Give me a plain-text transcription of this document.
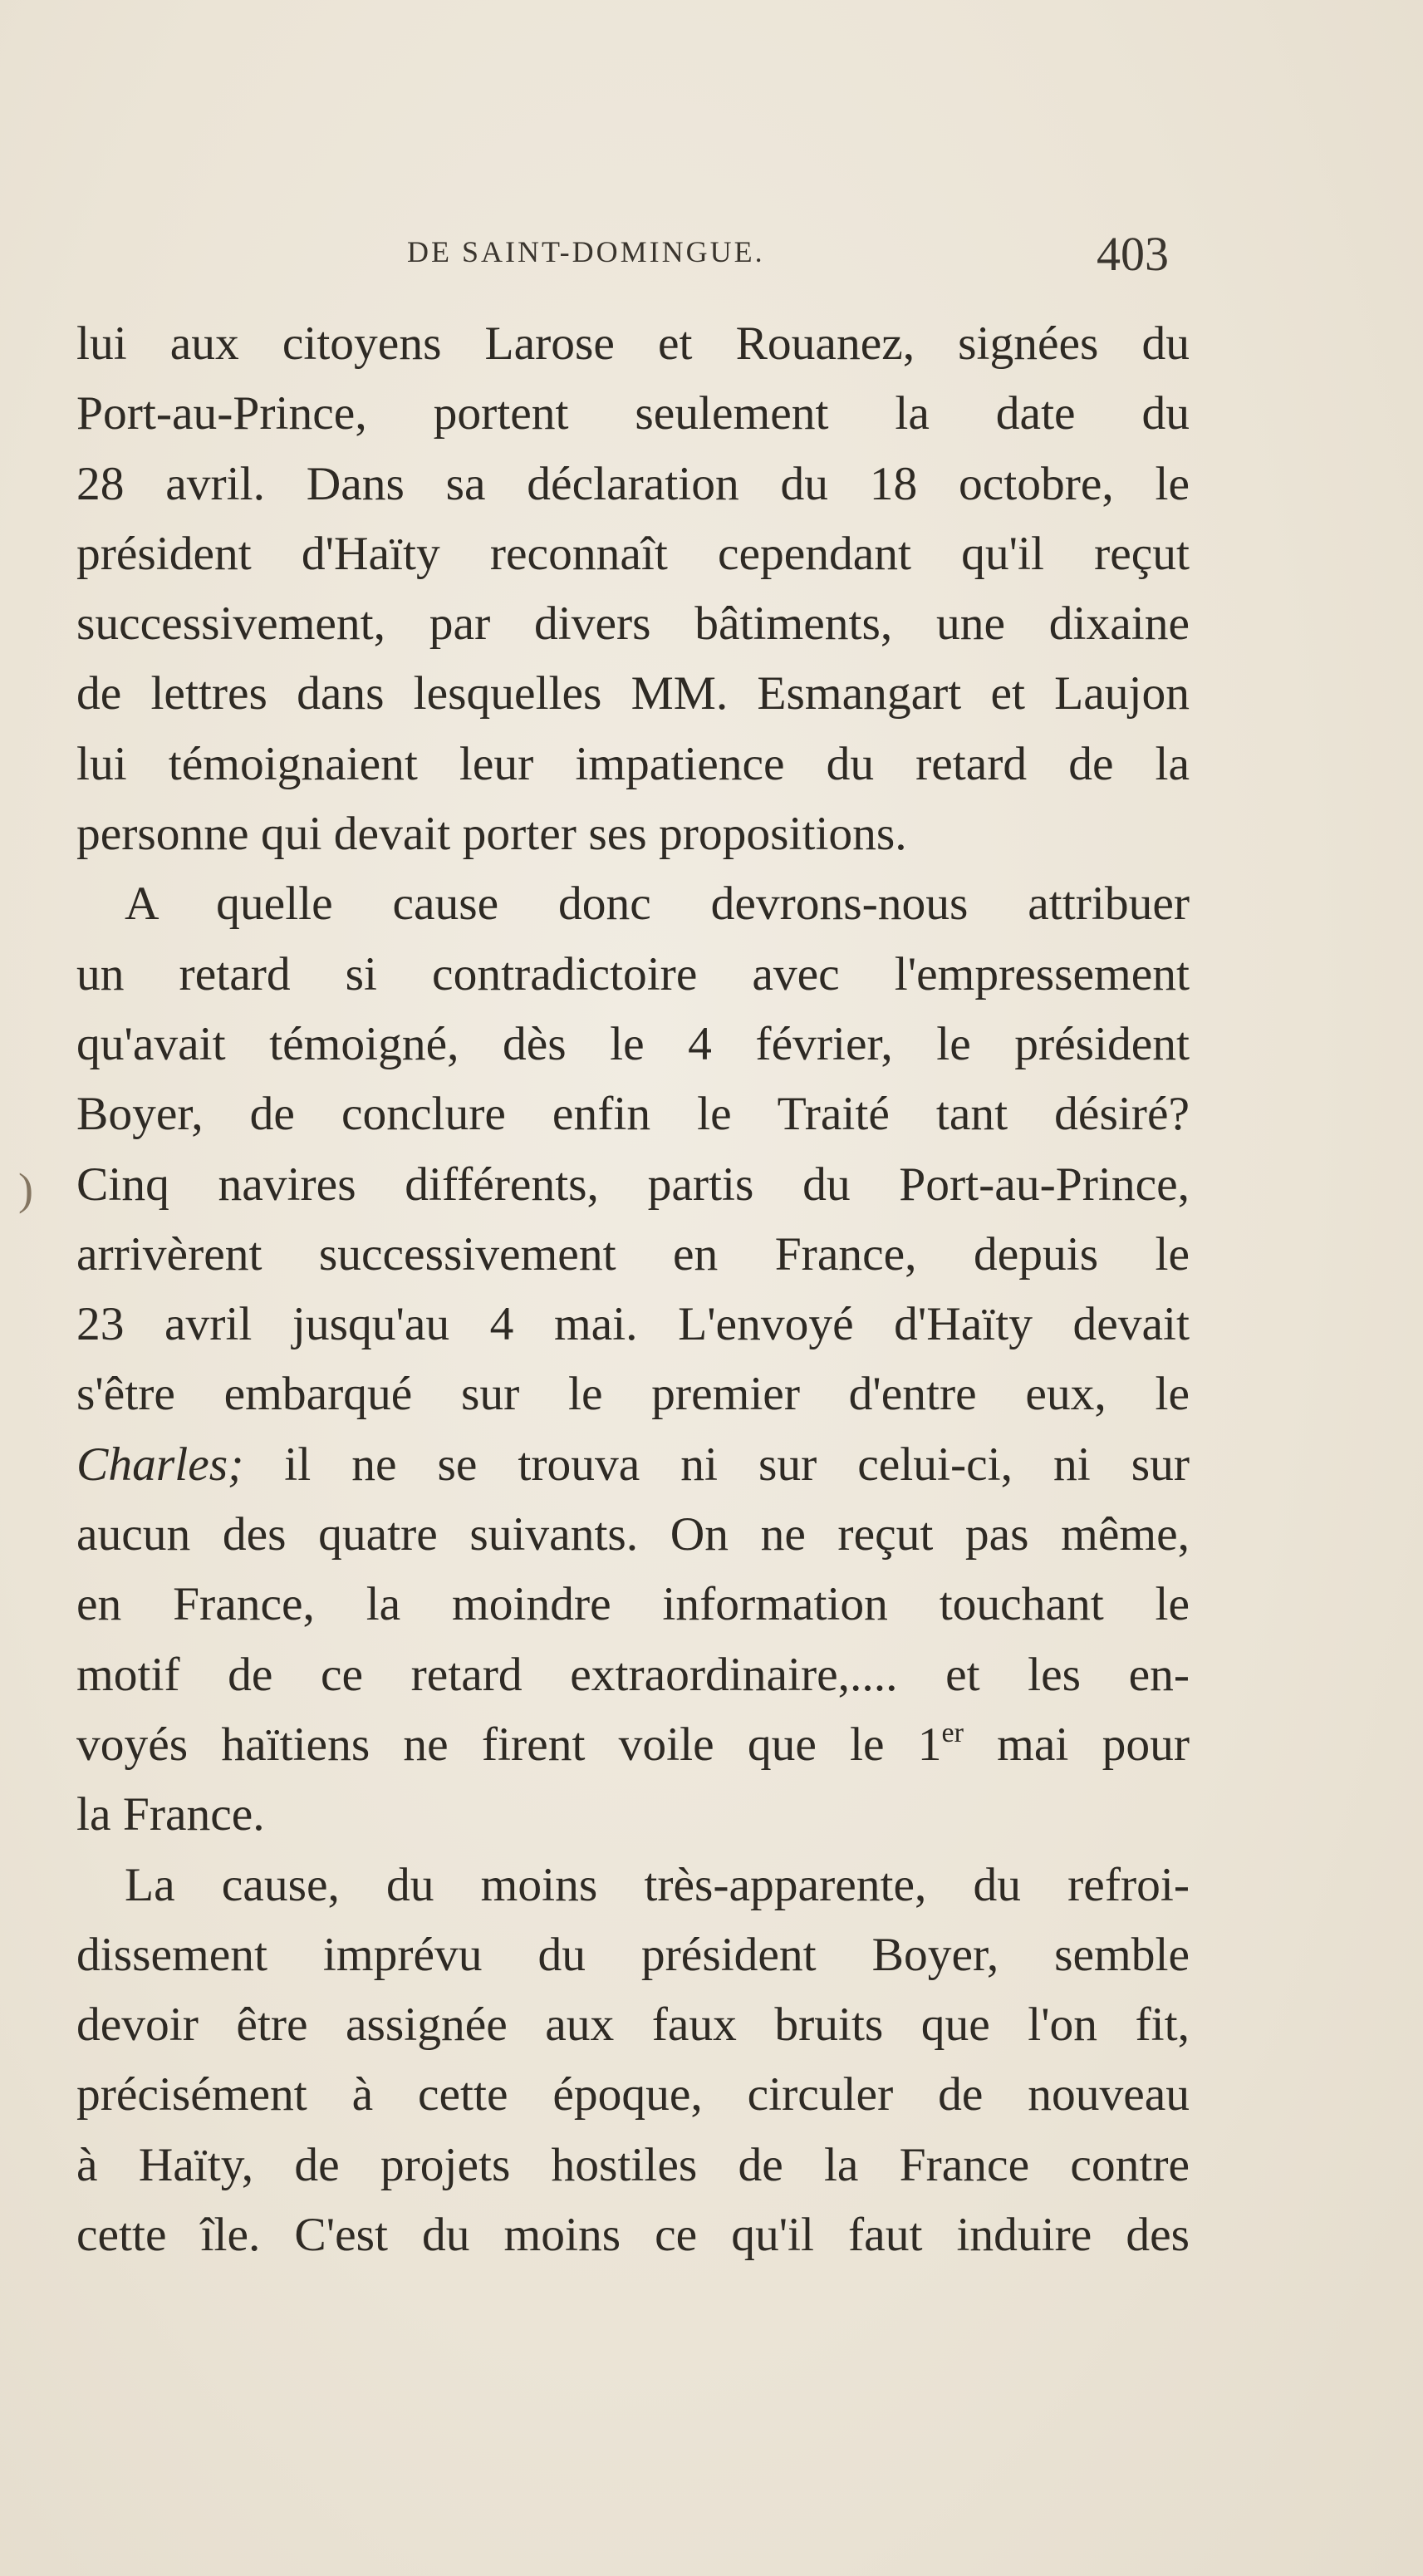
DE SAINT-DOMINGUE.	403
)
lui aux citoyens Larose et Rouanez, signées du
Port-au-Prince, portent seulement la date du
28 avril. Dans sa déclaration du 18 octobre, le
président d'Haïty reconnaît cependant qu'il reçut
successivement, par divers bâtiments, une dixaine
de lettres dans lesquelles MM. Esmangart et Laujon
lui témoignaient leur impatience du retard de la
personne qui devait porter ses propositions.
A quelle cause donc devrons-nous attribuer
un retard si contradictoire avec l'empressement
qu'avait témoigné, dès le 4 février, le président
Boyer, de conclure enfin le Traité tant désiré?
Cinq navires différents, partis du Port-au-Prince,
arrivèrent successivement en France, depuis le
23 avril jusqu'au 4 mai. L'envoyé d'Haïty devait
s'être embarqué sur le premier d'entre eux, le
Charles; il ne se trouva ni sur celui-ci, ni sur
aucun des quatre suivants. On ne reçut pas même,
en France, la moindre information touchant le
motif de ce retard extraordinaire,.... et les en-
voyés haïtiens ne firent voile que le 1er mai pour
la France.
La cause, du moins très-apparente, du refroi-
dissement imprévu du président Boyer, semble
devoir être assignée aux faux bruits que l'on fit,
précisément à cette époque, circuler de nouveau
à Haïty, de projets hostiles de la France contre
cette île. C'est du moins ce qu'il faut induire des
